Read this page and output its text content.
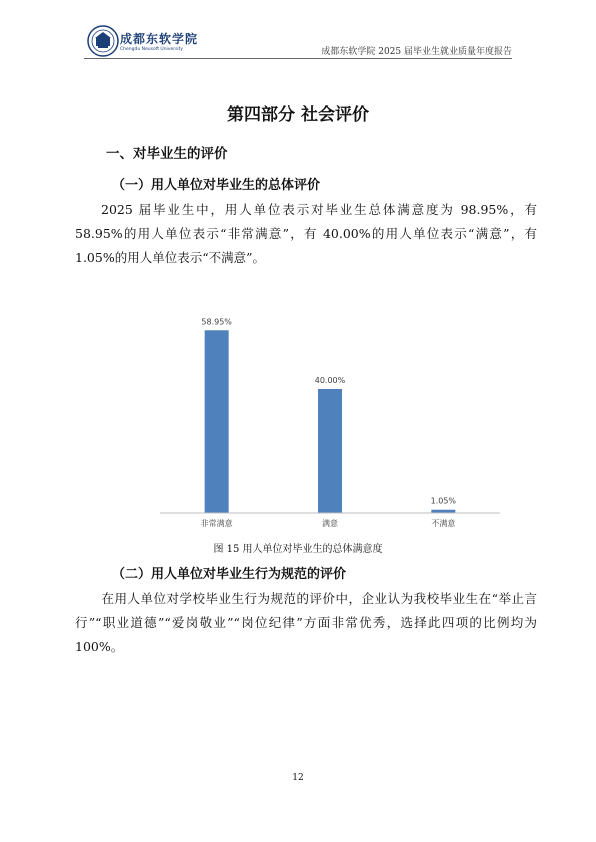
成都东软学院
Chengdu Neusoft University	成都东软学院 2025 届毕业生就业质量年度报告
第四部分 社会评价
一、对毕业生的评价
（一）用人单位对毕业生的总体评价
2025 届毕业生中，用人单位表示对毕业生总体满意度为 98.95%，有 58.95%的用人单位表示“非常满意”，有 40.00%的用人单位表示“满意”，有 1.05%的用人单位表示“不满意”。
58.95%
非常满意
40.00%
满意
1.05%
不满意
图 15 用人单位对毕业生的总体满意度
（二）用人单位对毕业生行为规范的评价
在用人单位对学校毕业生行为规范的评价中，企业认为我校毕业生在“举止言行”“职业道德”“爱岗敬业”“岗位纪律”方面非常优秀，选择此四项的比例均为 100%。
12
